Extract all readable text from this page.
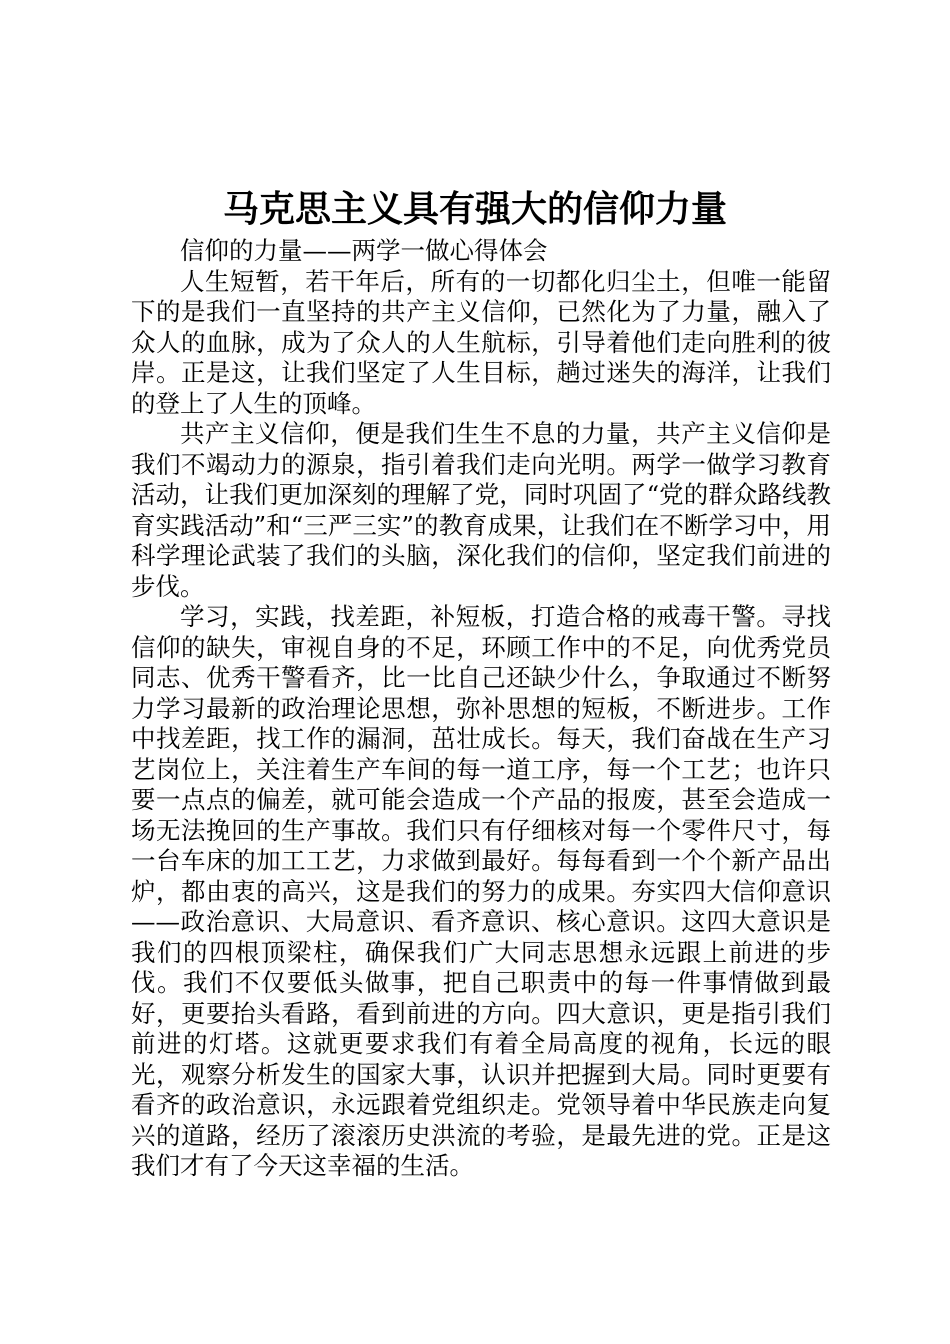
马克思主义具有强大的信仰力量

信仰的力量——两学一做心得体会

人生短暂，若干年后，所有的一切都化归尘土，但唯一能留下的是我们一直坚持的共产主义信仰，已然化为了力量，融入了众人的血脉，成为了众人的人生航标，引导着他们走向胜利的彼岸。正是这，让我们坚定了人生目标，趟过迷失的海洋，让我们的登上了人生的顶峰。

共产主义信仰，便是我们生生不息的力量，共产主义信仰是我们不竭动力的源泉，指引着我们走向光明。两学一做学习教育活动，让我们更加深刻的理解了党，同时巩固了“党的群众路线教育实践活动”和“三严三实”的教育成果，让我们在不断学习中，用科学理论武装了我们的头脑，深化我们的信仰，坚定我们前进的步伐。

学习，实践，找差距，补短板，打造合格的戒毒干警。寻找信仰的缺失，审视自身的不足，环顾工作中的不足，向优秀党员同志、优秀干警看齐，比一比自己还缺少什么，争取通过不断努力学习最新的政治理论思想，弥补思想的短板，不断进步。工作中找差距，找工作的漏洞，茁壮成长。每天，我们奋战在生产习艺岗位上，关注着生产车间的每一道工序，每一个工艺；也许只要一点点的偏差，就可能会造成一个产品的报废，甚至会造成一场无法挽回的生产事故。我们只有仔细核对每一个零件尺寸，每一台车床的加工工艺，力求做到最好。每每看到一个个新产品出炉，都由衷的高兴，这是我们的努力的成果。夯实四大信仰意识——政治意识、大局意识、看齐意识、核心意识。这四大意识是我们的四根顶梁柱，确保我们广大同志思想永远跟上前进的步伐。我们不仅要低头做事，把自己职责中的每一件事情做到最好，更要抬头看路，看到前进的方向。四大意识，更是指引我们前进的灯塔。这就更要求我们有着全局高度的视角，长远的眼光，观察分析发生的国家大事，认识并把握到大局。同时更要有看齐的政治意识，永远跟着党组织走。党领导着中华民族走向复兴的道路，经历了滚滚历史洪流的考验，是最先进的党。正是这我们才有了今天这幸福的生活。
